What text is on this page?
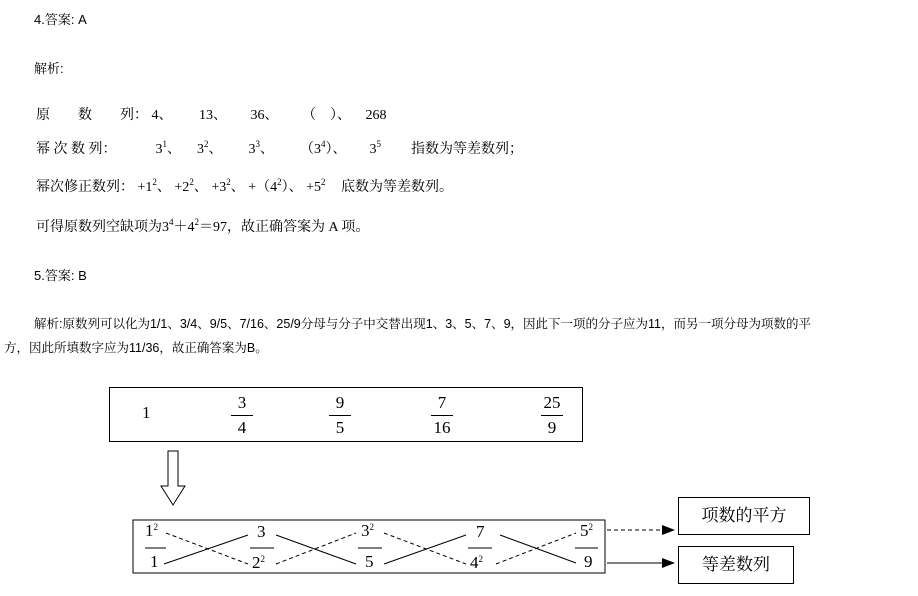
4.答案: A
解析:
原　　数　　列： 4、 13、 36、 （　）、 268
幂 次 数 列：	$3^1$、 $3^2$、 $3^3$、 $(3^4)$、 $3^5$ 指数为等差数列；
幂次修正数列： $+1^2$、 $+2^2$、 $+3^2$、 $+(4^2)$、 $+5^2$ 底数为等差数列。
可得原数列空缺项为$3^4+4^2=97$，故正确答案为 A 项。
5.答案: B
解析:原数列可以化为1/1、3/4、9/5、7/16、25/9分母与分子中交替出现1、3、5、7、9，因此下一项的分子应为11，而另一项分母为项数的平
方，因此所填数字应为11/36，故正确答案为B。
1
3
4
9
5
7
16
25
9
$1^2$
1
3
$2^2$
$3^2$
5
7
$4^2$
$5^2$
9
项数的平方
等差数列
